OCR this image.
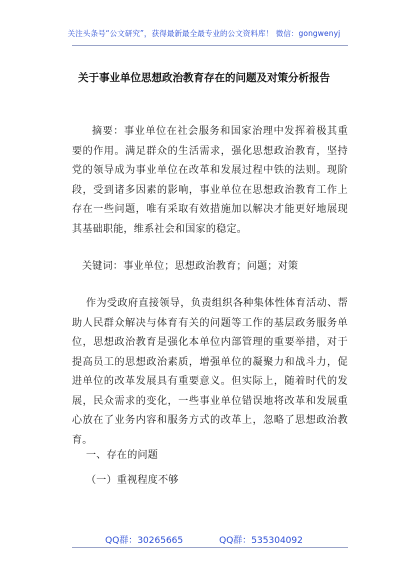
关注头条号“公文研究”，获得最新最全最专业的公文资料库！ 微信：gongwenyj
关于事业单位思想政治教育存在的问题及对策分析报告

摘要：事业单位在社会服务和国家治理中发挥着极其重要的作用。满足群众的生活需求，强化思想政治教育，坚持党的领导成为事业单位在改革和发展过程中铁的法则。现阶段，受到诸多因素的影响，事业单位在思想政治教育工作上存在一些问题，唯有采取有效措施加以解决才能更好地展现其基础职能，维系社会和国家的稳定。

关键词：事业单位；思想政治教育；问题；对策

作为受政府直接领导，负责组织各种集体性体育活动、帮助人民群众解决与体育有关的问题等工作的基层政务服务单位，思想政治教育是强化本单位内部管理的重要举措，对于提高员工的思想政治素质，增强单位的凝聚力和战斗力，促进单位的改革发展具有重要意义。但实际上，随着时代的发展，民众需求的变化，一些事业单位错误地将改革和发展重心放在了业务内容和服务方式的改革上，忽略了思想政治教育。

一、存在的问题

（一）重视程度不够

QQ群：30265665	QQ群：535304092
